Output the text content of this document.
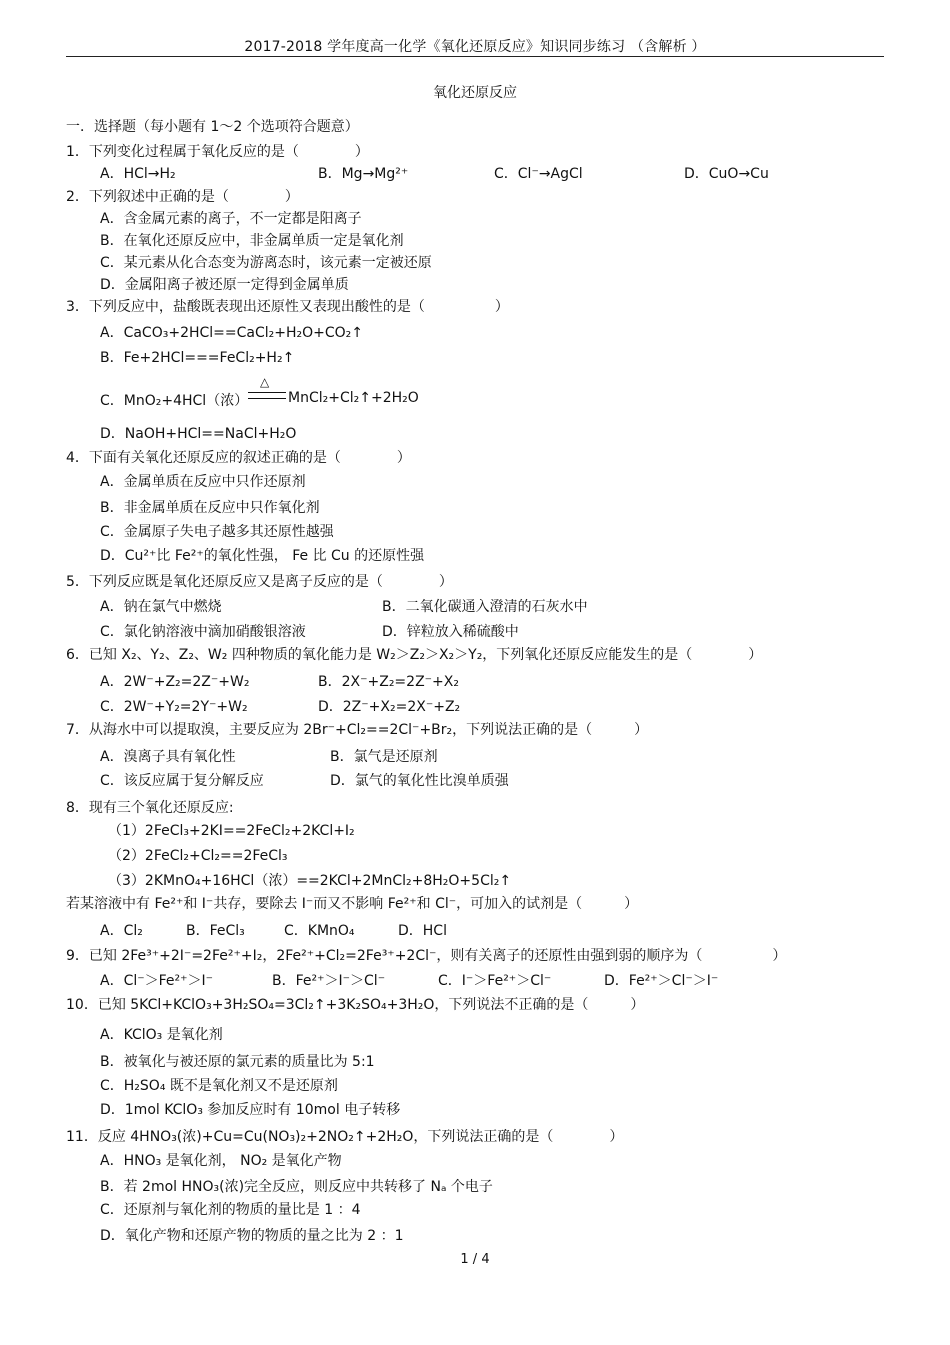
2017-2018 学年度高一化学《氧化还原反应》知识同步练习 （含解析 ）
氧化还原反应
一．选择题（每小题有 1～2 个选项符合题意）
1．下列变化过程属于氧化反应的是（　　　　）
A．HCl→H₂	B．Mg→Mg²⁺	C．Cl⁻→AgCl	D．CuO→Cu
2．下列叙述中正确的是（　　　　）
A．含金属元素的离子，不一定都是阳离子
B．在氧化还原反应中，非金属单质一定是氧化剂
C．某元素从化合态变为游离态时，该元素一定被还原
D．金属阳离子被还原一定得到金属单质
3．下列反应中，盐酸既表现出还原性又表现出酸性的是（　　　　　）
A．CaCO₃+2HCl==CaCl₂+H₂O+CO₂↑
B．Fe+2HCl===FeCl₂+H₂↑
C．MnO₂+4HCl（浓）
△
MnCl₂+Cl₂↑+2H₂O
D．NaOH+HCl==NaCl+H₂O
4．下面有关氧化还原反应的叙述正确的是（　　　　）
A．金属单质在反应中只作还原剂
B．非金属单质在反应中只作氧化剂
C．金属原子失电子越多其还原性越强
D．Cu²⁺比 Fe²⁺的氧化性强， Fe 比 Cu 的还原性强
5．下列反应既是氧化还原反应又是离子反应的是（　　　　）
A．钠在氯气中燃烧	B．二氧化碳通入澄清的石灰水中
C．氯化钠溶液中滴加硝酸银溶液	D．锌粒放入稀硫酸中
6．已知 X₂、Y₂、Z₂、W₂ 四种物质的氧化能力是 W₂＞Z₂＞X₂＞Y₂，下列氧化还原反应能发生的是（　　　　）
A．2W⁻+Z₂=2Z⁻+W₂	B．2X⁻+Z₂=2Z⁻+X₂
C．2W⁻+Y₂=2Y⁻+W₂	D．2Z⁻+X₂=2X⁻+Z₂
7．从海水中可以提取溴，主要反应为 2Br⁻+Cl₂==2Cl⁻+Br₂，下列说法正确的是（　　　）
A．溴离子具有氧化性	B．氯气是还原剂
C．该反应属于复分解反应	D．氯气的氧化性比溴单质强
8．现有三个氧化还原反应:
（1）2FeCl₃+2KI==2FeCl₂+2KCl+I₂
（2）2FeCl₂+Cl₂==2FeCl₃
（3）2KMnO₄+16HCl（浓）==2KCl+2MnCl₂+8H₂O+5Cl₂↑
若某溶液中有 Fe²⁺和 I⁻共存，要除去 I⁻而又不影响 Fe²⁺和 Cl⁻，可加入的试剂是（　　　）
A．Cl₂	B．FeCl₃	C．KMnO₄	D．HCl
9．已知 2Fe³⁺+2I⁻=2Fe²⁺+I₂，2Fe²⁺+Cl₂=2Fe³⁺+2Cl⁻，则有关离子的还原性由强到弱的顺序为（　　　　　）
A．Cl⁻＞Fe²⁺＞I⁻	B．Fe²⁺＞I⁻＞Cl⁻	C．I⁻＞Fe²⁺＞Cl⁻	D．Fe²⁺＞Cl⁻＞I⁻
10．已知 5KCl+KClO₃+3H₂SO₄=3Cl₂↑+3K₂SO₄+3H₂O，下列说法不正确的是（　　　）
A．KClO₃ 是氧化剂
B．被氧化与被还原的氯元素的质量比为 5:1
C．H₂SO₄ 既不是氧化剂又不是还原剂
D．1mol KClO₃ 参加反应时有 10mol 电子转移
11．反应 4HNO₃(浓)+Cu=Cu(NO₃)₂+2NO₂↑+2H₂O，下列说法正确的是（　　　　）
A．HNO₃ 是氧化剂， NO₂ 是氧化产物
B．若 2mol HNO₃(浓)完全反应，则反应中共转移了 Nₐ 个电子
C．还原剂与氧化剂的物质的量比是 1 ：4
D．氧化产物和还原产物的物质的量之比为 2 ：1
1 / 4
